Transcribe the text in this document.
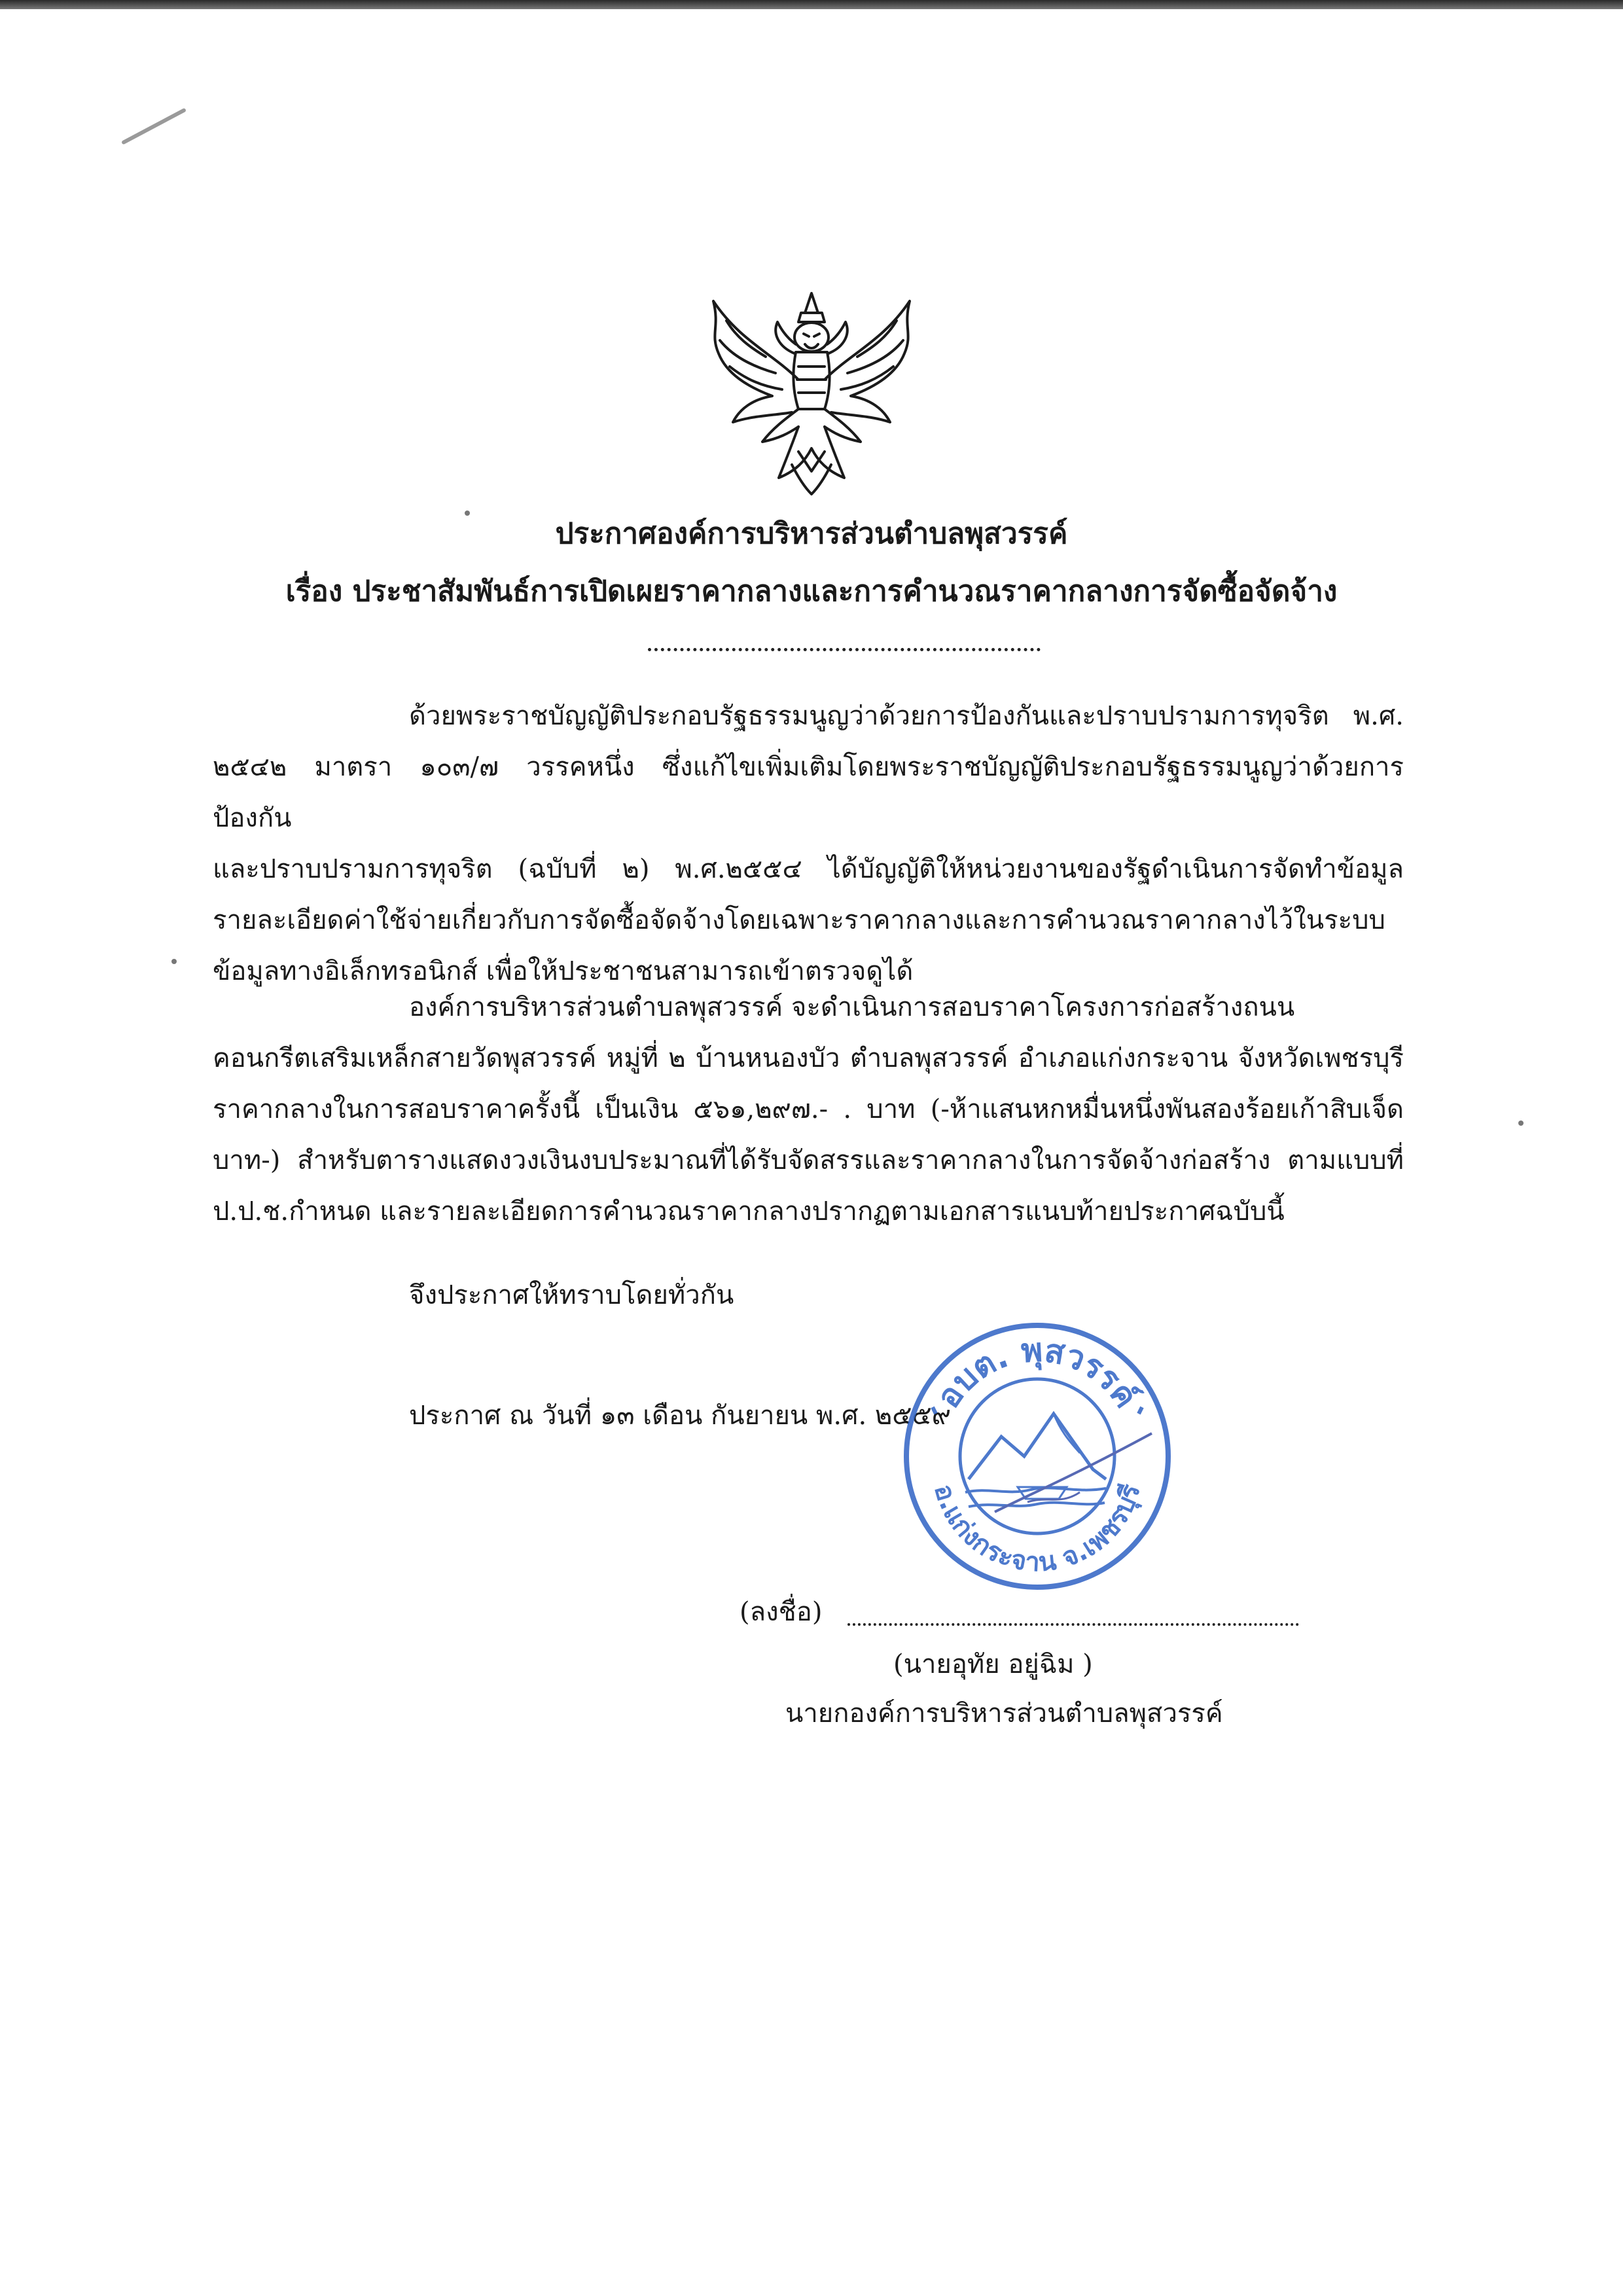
ประกาศองค์การบริหารส่วนตำบลพุสวรรค์
เรื่อง ประชาสัมพันธ์การเปิดเผยราคากลางและการคำนวณราคากลางการจัดซื้อจัดจ้าง
ด้วยพระราชบัญญัติประกอบรัฐธรรมนูญว่าด้วยการป้องกันและปราบปรามการทุจริต พ.ศ.
๒๕๔๒ มาตรา ๑๐๓/๗ วรรคหนึ่ง ซึ่งแก้ไขเพิ่มเติมโดยพระราชบัญญัติประกอบรัฐธรรมนูญว่าด้วยการป้องกัน
และปราบปรามการทุจริต (ฉบับที่ ๒) พ.ศ.๒๕๕๔ ได้บัญญัติให้หน่วยงานของรัฐดำเนินการจัดทำข้อมูล
รายละเอียดค่าใช้จ่ายเกี่ยวกับการจัดซื้อจัดจ้างโดยเฉพาะราคากลางและการคำนวณราคากลางไว้ในระบบ
ข้อมูลทางอิเล็กทรอนิกส์ เพื่อให้ประชาชนสามารถเข้าตรวจดูได้
องค์การบริหารส่วนตำบลพุสวรรค์ จะดำเนินการสอบราคาโครงการก่อสร้างถนน
คอนกรีตเสริมเหล็กสายวัดพุสวรรค์ หมู่ที่ ๒ บ้านหนองบัว ตำบลพุสวรรค์ อำเภอแก่งกระจาน จังหวัดเพชรบุรี
ราคากลางในการสอบราคาครั้งนี้ เป็นเงิน ๕๖๑,๒๙๗.- . บาท (-ห้าแสนหกหมื่นหนึ่งพันสองร้อยเก้าสิบเจ็ด
บาท-) สำหรับตารางแสดงวงเงินงบประมาณที่ได้รับจัดสรรและราคากลางในการจัดจ้างก่อสร้าง ตามแบบที่
ป.ป.ช.กำหนด และรายละเอียดการคำนวณราคากลางปรากฏตามเอกสารแนบท้ายประกาศฉบับนี้
จึงประกาศให้ทราบโดยทั่วกัน
ประกาศ ณ วันที่ ๑๓ เดือน กันยายน พ.ศ. ๒๕๕๙
อบต. พุสวรรค์
อ.แก่งกระจาน จ.เพชรบุรี
(ลงชื่อ)
(นายอุทัย อยู่ฉิม )
นายกองค์การบริหารส่วนตำบลพุสวรรค์
